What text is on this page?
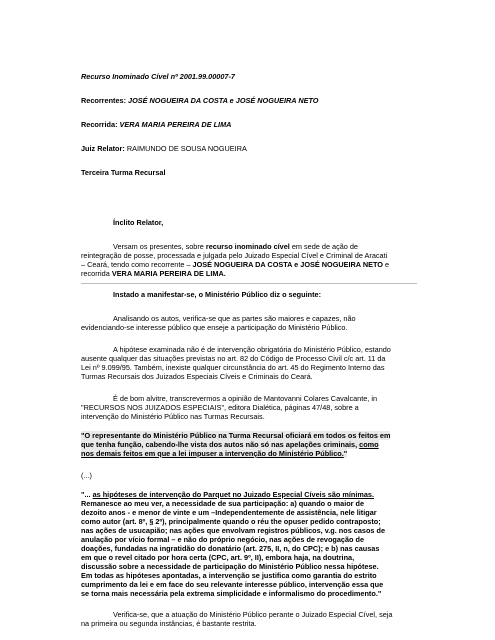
Recurso Inominado Cível nº 2001.99.00007-7
Recorrentes: JOSÉ NOGUEIRA DA COSTA e JOSÉ NOGUEIRA NETO
Recorrida: VERA MARIA PEREIRA DE LIMA
Juiz Relator: RAIMUNDO DE SOUSA NOGUEIRA
Terceira Turma Recursal
Ínclito Relator,
Versam os presentes, sobre recurso inominado cível em sede de ação de
reintegração de posse, processada e julgada pelo Juizado Especial Cível e Criminal de Aracati
– Ceará, tendo como recorrente – JOSÉ NOGUEIRA DA COSTA e JOSÉ NOGUEIRA NETO e
recorrida VERA MARIA PEREIRA DE LIMA.
Instado a manifestar-se, o Ministério Público diz o seguinte:
Analisando os autos, verifica-se que as partes são maiores e capazes, não
evidenciando-se interesse público que enseje a participação do Ministério Público.
A hipótese examinada não é de intervenção obrigatória do Ministério Público, estando
ausente qualquer das situações previstas no art. 82 do Código de Processo Civil c/c art. 11 da
Lei nº 9.099/95. Também, inexiste qualquer circunstância do art. 45 do Regimento Interno das
Turmas Recursais dos Juizados Especiais Cíveis e Criminais do Ceará.
É de bom alvitre, transcrevermos a opinião de Mantovanni Colares Cavalcante, in
"RECURSOS NOS JUIZADOS ESPECIAIS", editora Dialética, páginas 47/48, sobre a
intervenção do Ministério Público nas Turmas Recursais.
"O representante do Ministério Público na Turma Recursal oficiará em todos os feitos em
que tenha função, cabendo-lhe vista dos autos não só nas apelações criminais, como
nos demais feitos em que a lei impuser a intervenção do Ministério Público."
(...)
"... as hipóteses de intervenção do Parquet no Juizado Especial Cíveis são mínimas.
Remanesce ao meu ver, a necessidade de sua participação: a) quando o maior de
dezoito anos - e menor de vinte e um –Independentemente de assistência, nele litigar
como autor (art. 8º, § 2º), principalmente quando o réu the opuser pedido contraposto;
nas ações de usucapião; nas ações que envolvam registros públicos, v.g. nos casos de
anulação por vício formal – e não do próprio negócio, nas ações de revogação de
doações, fundadas na ingratidão do donatário (art. 275, II, n, do CPC); e b) nas causas
em que o revel citado por hora certa (CPC, art. 9º, II), embora haja, na doutrina,
discussão sobre a necessidade de participação do Ministério Público nessa hipótese.
Em todas as hipóteses apontadas, a intervenção se justifica como garantia do estrito
cumprimento da lei e em face do seu relevante interesse público, intervenção essa que
se torna mais necessária pela extrema simplicidade e informalismo do procedimento."
Verifica-se, que a atuação do Ministério Público perante o Juizado Especial Cível, seja
na primeira ou segunda instâncias, é bastante restrita.
